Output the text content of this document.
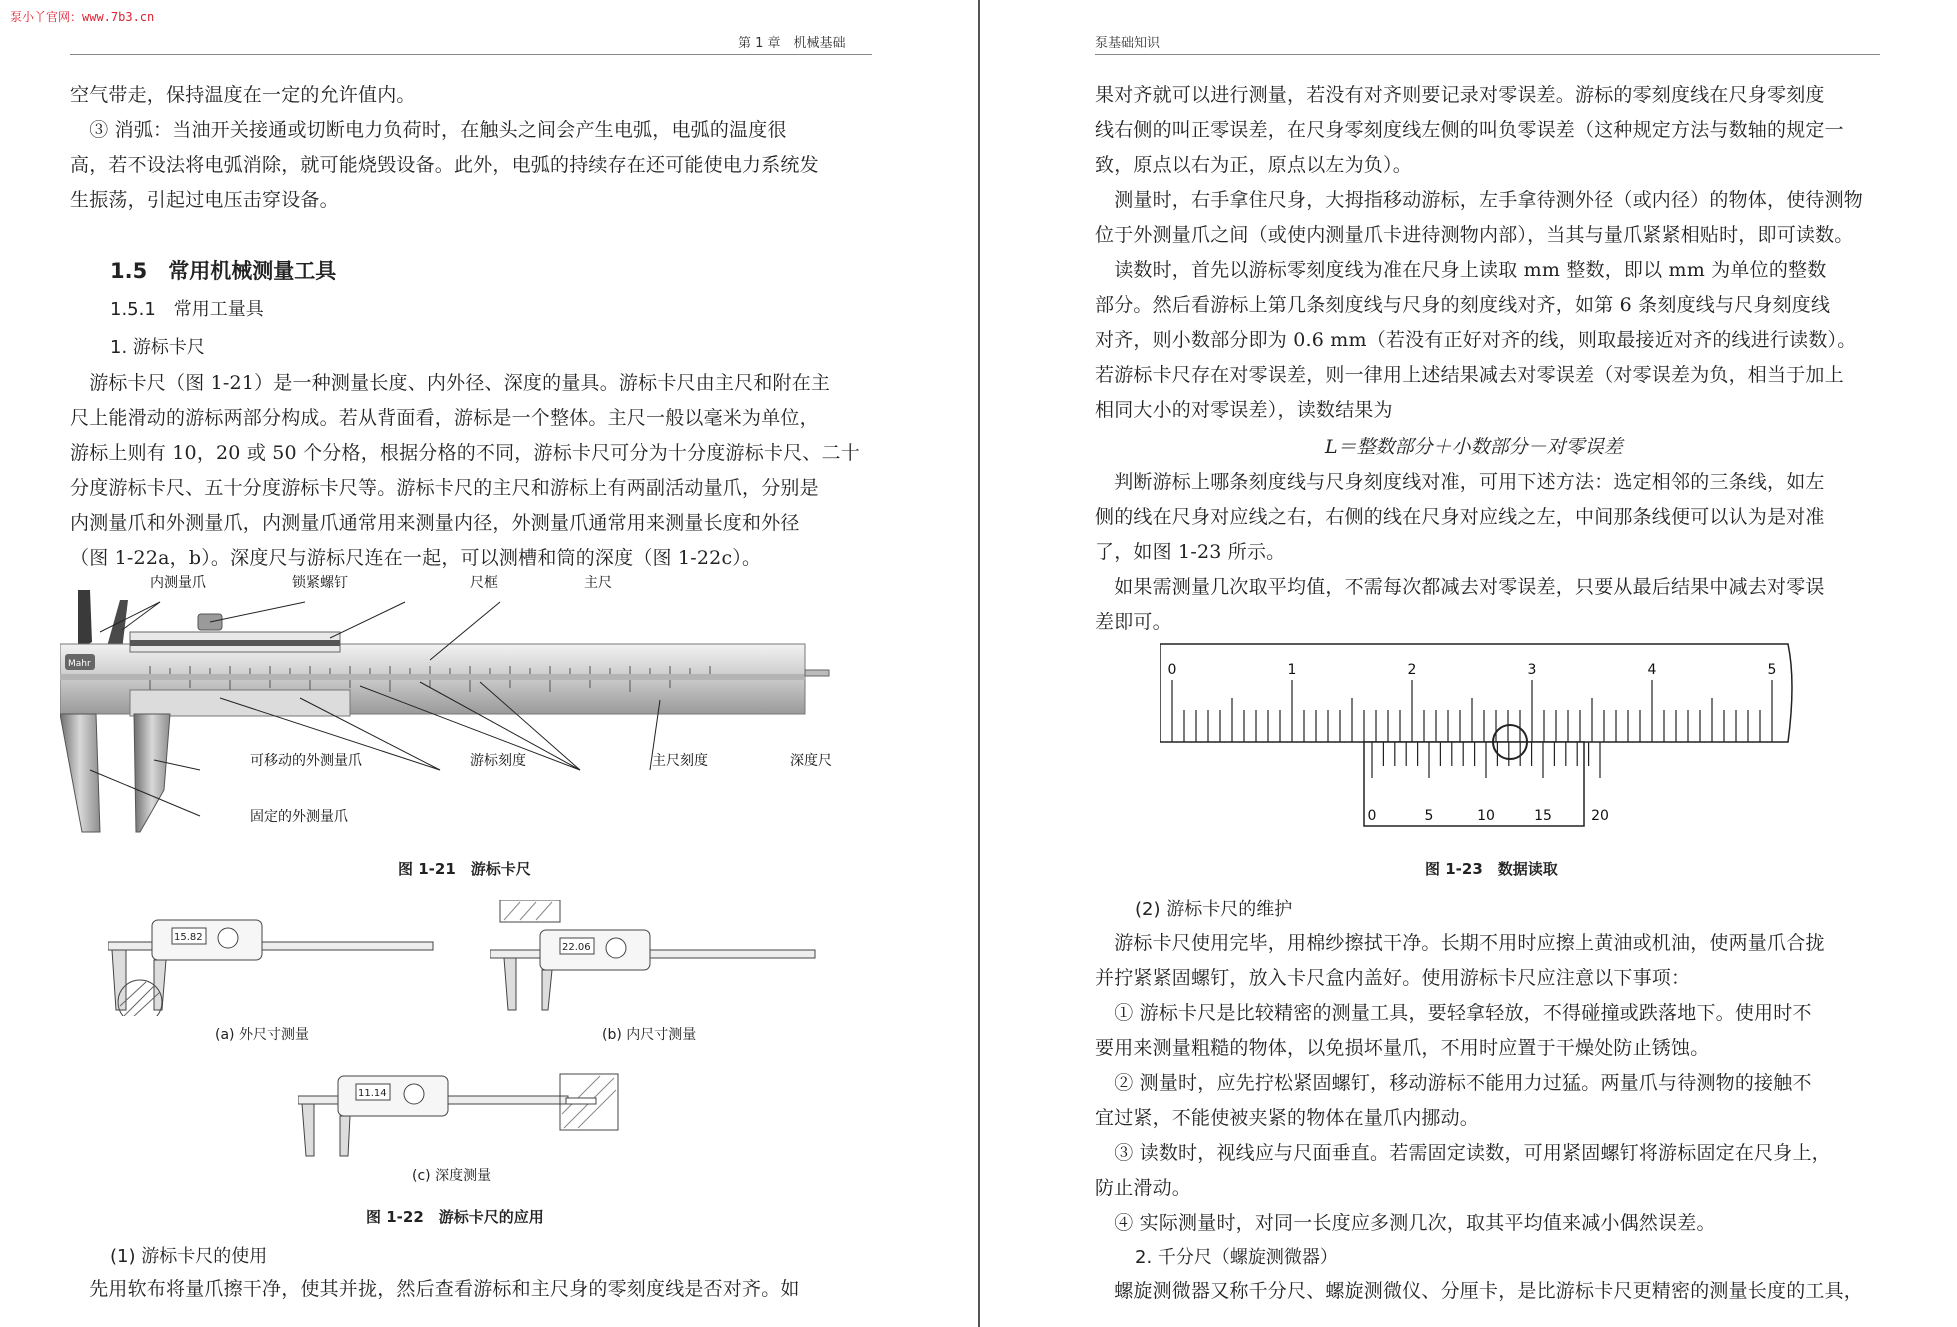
泵小丫官网：www.7b3.cn
第 1 章　机械基础
空气带走，保持温度在一定的允许值内。
　③ 消弧：当油开关接通或切断电力负荷时，在触头之间会产生电弧，电弧的温度很
高，若不设法将电弧消除，就可能烧毁设备。此外，电弧的持续存在还可能使电力系统发
生振荡，引起过电压击穿设备。
1.5　常用机械测量工具
1.5.1　常用工量具
1. 游标卡尺
　游标卡尺（图 1-21）是一种测量长度、内外径、深度的量具。游标卡尺由主尺和附在主
尺上能滑动的游标两部分构成。若从背面看，游标是一个整体。主尺一般以毫米为单位，
游标上则有 10，20 或 50 个分格，根据分格的不同，游标卡尺可分为十分度游标卡尺、二十
分度游标卡尺、五十分度游标卡尺等。游标卡尺的主尺和游标上有两副活动量爪，分别是
内测量爪和外测量爪，内测量爪通常用来测量内径，外测量爪通常用来测量长度和外径
（图 1-22a，b）。深度尺与游标尺连在一起，可以测槽和筒的深度（图 1-22c）。
Mahr
内测量爪	锁紧螺钉	尺框	主尺
可移动的外测量爪	游标刻度	主尺刻度	深度尺
固定的外测量爪
图 1-21　游标卡尺
15.82
(a) 外尺寸测量
22.06
(b) 内尺寸测量
11.14
(c) 深度测量
图 1-22　游标卡尺的应用
(1) 游标卡尺的使用
　先用软布将量爪擦干净，使其并拢，然后查看游标和主尺身的零刻度线是否对齐。如
泵基础知识
果对齐就可以进行测量，若没有对齐则要记录对零误差。游标的零刻度线在尺身零刻度
线右侧的叫正零误差，在尺身零刻度线左侧的叫负零误差（这种规定方法与数轴的规定一
致，原点以右为正，原点以左为负）。
　测量时，右手拿住尺身，大拇指移动游标，左手拿待测外径（或内径）的物体，使待测物
位于外测量爪之间（或使内测量爪卡进待测物内部），当其与量爪紧紧相贴时，即可读数。
　读数时，首先以游标零刻度线为准在尺身上读取 mm 整数，即以 mm 为单位的整数
部分。然后看游标上第几条刻度线与尺身的刻度线对齐，如第 6 条刻度线与尺身刻度线
对齐，则小数部分即为 0.6 mm（若没有正好对齐的线，则取最接近对齐的线进行读数）。
若游标卡尺存在对零误差，则一律用上述结果减去对零误差（对零误差为负，相当于加上
相同大小的对零误差），读数结果为
L＝整数部分＋小数部分－对零误差
　判断游标上哪条刻度线与尺身刻度线对准，可用下述方法：选定相邻的三条线，如左
侧的线在尺身对应线之右，右侧的线在尺身对应线之左，中间那条线便可以认为是对准
了，如图 1-23 所示。
　如果需测量几次取平均值，不需每次都减去对零误差，只要从最后结果中减去对零误
差即可。
0	1	2	3	4	5
0	5	10	15	20
图 1-23　数据读取
(2) 游标卡尺的维护
　游标卡尺使用完毕，用棉纱擦拭干净。长期不用时应擦上黄油或机油，使两量爪合拢
并拧紧紧固螺钉，放入卡尺盒内盖好。使用游标卡尺应注意以下事项：
　① 游标卡尺是比较精密的测量工具，要轻拿轻放，不得碰撞或跌落地下。使用时不
要用来测量粗糙的物体，以免损坏量爪，不用时应置于干燥处防止锈蚀。
　② 测量时，应先拧松紧固螺钉，移动游标不能用力过猛。两量爪与待测物的接触不
宜过紧，不能使被夹紧的物体在量爪内挪动。
　③ 读数时，视线应与尺面垂直。若需固定读数，可用紧固螺钉将游标固定在尺身上，
防止滑动。
　④ 实际测量时，对同一长度应多测几次，取其平均值来减小偶然误差。
2. 千分尺（螺旋测微器）
　螺旋测微器又称千分尺、螺旋测微仪、分厘卡，是比游标卡尺更精密的测量长度的工具，
